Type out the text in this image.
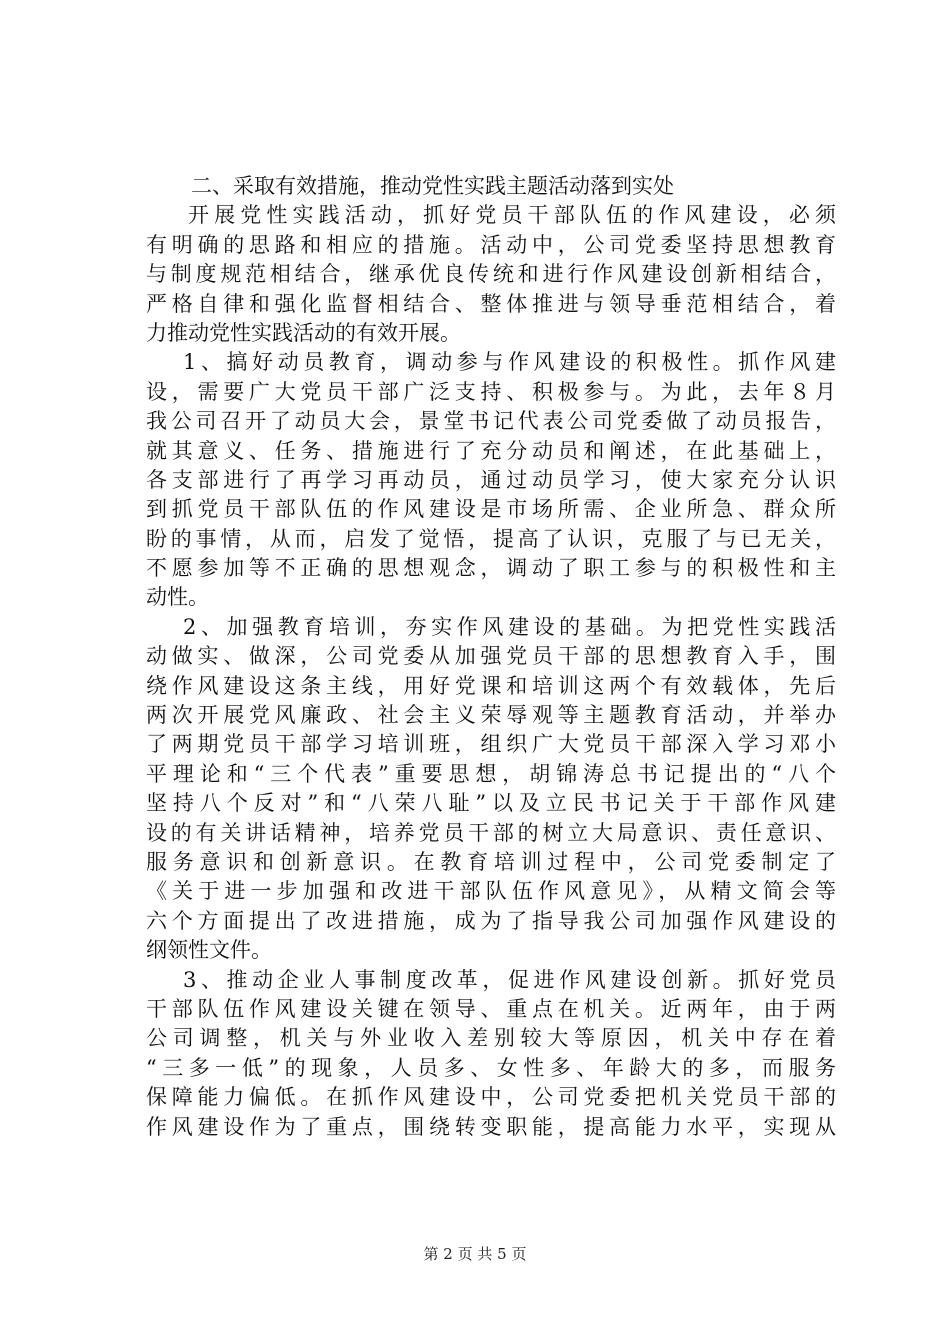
二、采取有效措施，推动党性实践主题活动落到实处
开展党性实践活动，抓好党员干部队伍的作风建设，必须
有明确的思路和相应的措施。活动中，公司党委坚持思想教育
与制度规范相结合，继承优良传统和进行作风建设创新相结合，
严格自律和强化监督相结合、整体推进与领导垂范相结合，着
力推动党性实践活动的有效开展。
1、搞好动员教育，调动参与作风建设的积极性。抓作风建
设，需要广大党员干部广泛支持、积极参与。为此，去年８月
我公司召开了动员大会，景堂书记代表公司党委做了动员报告，
就其意义、任务、措施进行了充分动员和阐述，在此基础上，
各支部进行了再学习再动员，通过动员学习，使大家充分认识
到抓党员干部队伍的作风建设是市场所需、企业所急、群众所
盼的事情，从而，启发了觉悟，提高了认识，克服了与已无关，
不愿参加等不正确的思想观念，调动了职工参与的积极性和主
动性。
2、加强教育培训，夯实作风建设的基础。为把党性实践活
动做实、做深，公司党委从加强党员干部的思想教育入手，围
绕作风建设这条主线，用好党课和培训这两个有效载体，先后
两次开展党风廉政、社会主义荣辱观等主题教育活动，并举办
了两期党员干部学习培训班，组织广大党员干部深入学习邓小
平理论和“三个代表”重要思想，胡锦涛总书记提出的“八个
坚持八个反对”和“八荣八耻”以及立民书记关于干部作风建
设的有关讲话精神，培养党员干部的树立大局意识、责任意识、
服务意识和创新意识。在教育培训过程中，公司党委制定了
《关于进一步加强和改进干部队伍作风意见》，从精文简会等
六个方面提出了改进措施，成为了指导我公司加强作风建设的
纲领性文件。
3、推动企业人事制度改革，促进作风建设创新。抓好党员
干部队伍作风建设关键在领导、重点在机关。近两年，由于两
公司调整，机关与外业收入差别较大等原因，机关中存在着
“三多一低”的现象，人员多、女性多、年龄大的多，而服务
保障能力偏低。在抓作风建设中，公司党委把机关党员干部的
作风建设作为了重点，围绕转变职能，提高能力水平，实现从
第 2 页 共 5 页
